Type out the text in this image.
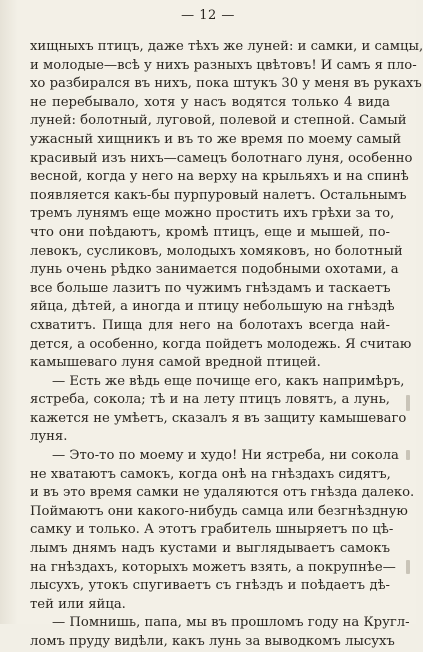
— 12 —
хищныхъ птицъ, даже тѣхъ же луней: и самки, и самцы,
и молодые—всѣ у нихъ разныхъ цвѣтовъ! И самъ я пло-
хо разбирался въ нихъ, пока штукъ 30 у меня въ рукахъ
не перебывало, хотя у насъ водятся только 4 вида
луней: болотный, луговой, полевой и степной. Самый
ужасный хищникъ и въ то же время по моему самый
красивый изъ нихъ—самецъ болотнаго луня, особенно
весной, когда у него на верху на крыльяхъ и на спинѣ
появляется какъ-бы пурпуровый налетъ. Остальнымъ
тремъ лунямъ еще можно простить ихъ грѣхи за то,
что они поѣдаютъ, кромѣ птицъ, еще и мышей, по-
левокъ, сусликовъ, молодыхъ хомяковъ, но болотный
лунь очень рѣдко занимается подобными охотами, а
все больше лазитъ по чужимъ гнѣздамъ и таскаетъ
яйца, дѣтей, а иногда и птицу небольшую на гнѣздѣ
схватитъ. Пища для него на болотахъ всегда най-
дется, а особенно, когда пойдетъ молодежь. Я считаю
камышеваго луня самой вредной птицей.
— Есть же вѣдь еще почище его, какъ напримѣръ,
ястреба, сокола; тѣ и на лету птицъ ловятъ, а лунь,
кажется не умѣетъ, сказалъ я въ защиту камышеваго
луня.
— Это-то по моему и худо! Ни ястреба, ни сокола
не хватаютъ самокъ, когда онѣ на гнѣздахъ сидятъ,
и въ это время самки не удаляются отъ гнѣзда далеко.
Поймаютъ они какого-нибудь самца или безгнѣздную
самку и только. А этотъ грабитель шныряетъ по цѣ-
лымъ днямъ надъ кустами и выглядываетъ самокъ
на гнѣздахъ, которыхъ можетъ взять, а покрупнѣе—
лысухъ, утокъ спугиваетъ съ гнѣздъ и поѣдаетъ дѣ-
тей или яйца.
— Помнишь, папа, мы въ прошломъ году на Кругл-
ломъ пруду видѣли, какъ лунь за выводкомъ лысухъ
